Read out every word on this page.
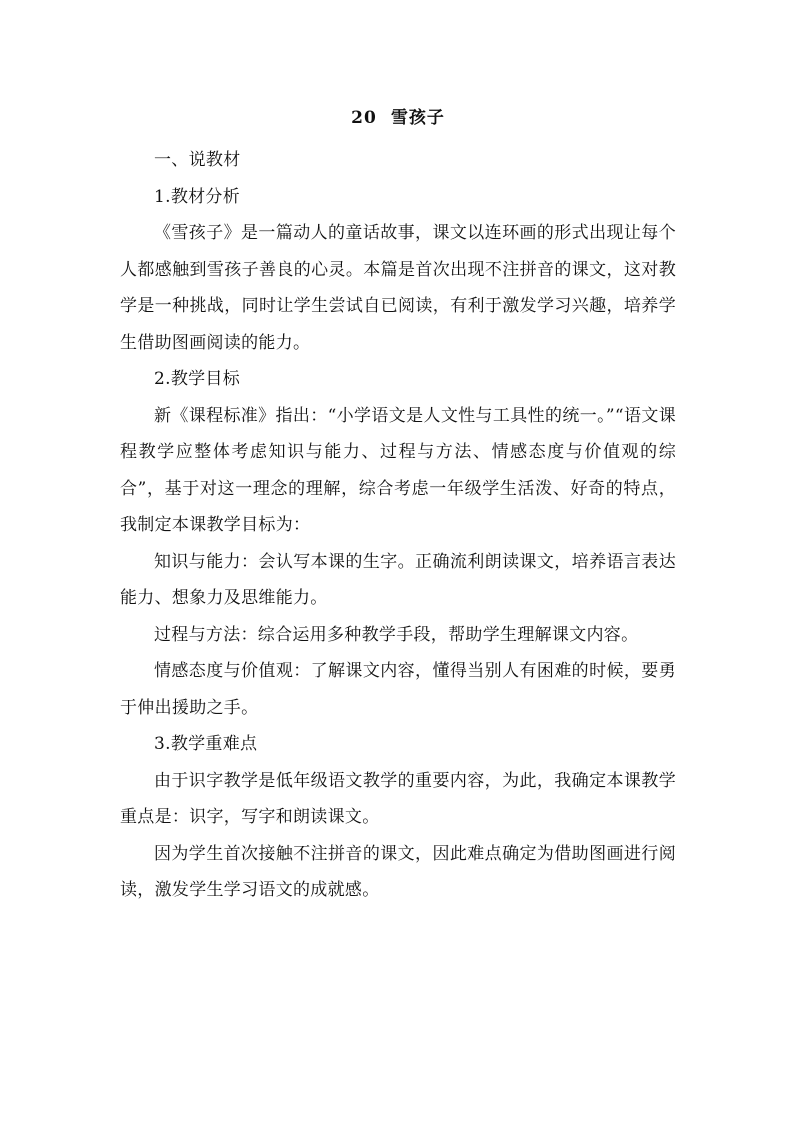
20 雪孩子

一、说教材

1.教材分析

《雪孩子》是一篇动人的童话故事，课文以连环画的形式出现让每个人都感触到雪孩子善良的心灵。本篇是首次出现不注拼音的课文，这对教学是一种挑战，同时让学生尝试自已阅读，有利于激发学习兴趣，培养学生借助图画阅读的能力。

2.教学目标

新《课程标准》指出：“小学语文是人文性与工具性的统一。”“语文课程教学应整体考虑知识与能力、过程与方法、情感态度与价值观的综合”，基于对这一理念的理解，综合考虑一年级学生活泼、好奇的特点，我制定本课教学目标为：

知识与能力：会认写本课的生字。正确流利朗读课文，培养语言表达能力、想象力及思维能力。

过程与方法：综合运用多种教学手段，帮助学生理解课文内容。

情感态度与价值观：了解课文内容，懂得当别人有困难的时候，要勇于伸出援助之手。

3.教学重难点

由于识字教学是低年级语文教学的重要内容，为此，我确定本课教学重点是：识字，写字和朗读课文。

因为学生首次接触不注拼音的课文，因此难点确定为借助图画进行阅读，激发学生学习语文的成就感。
